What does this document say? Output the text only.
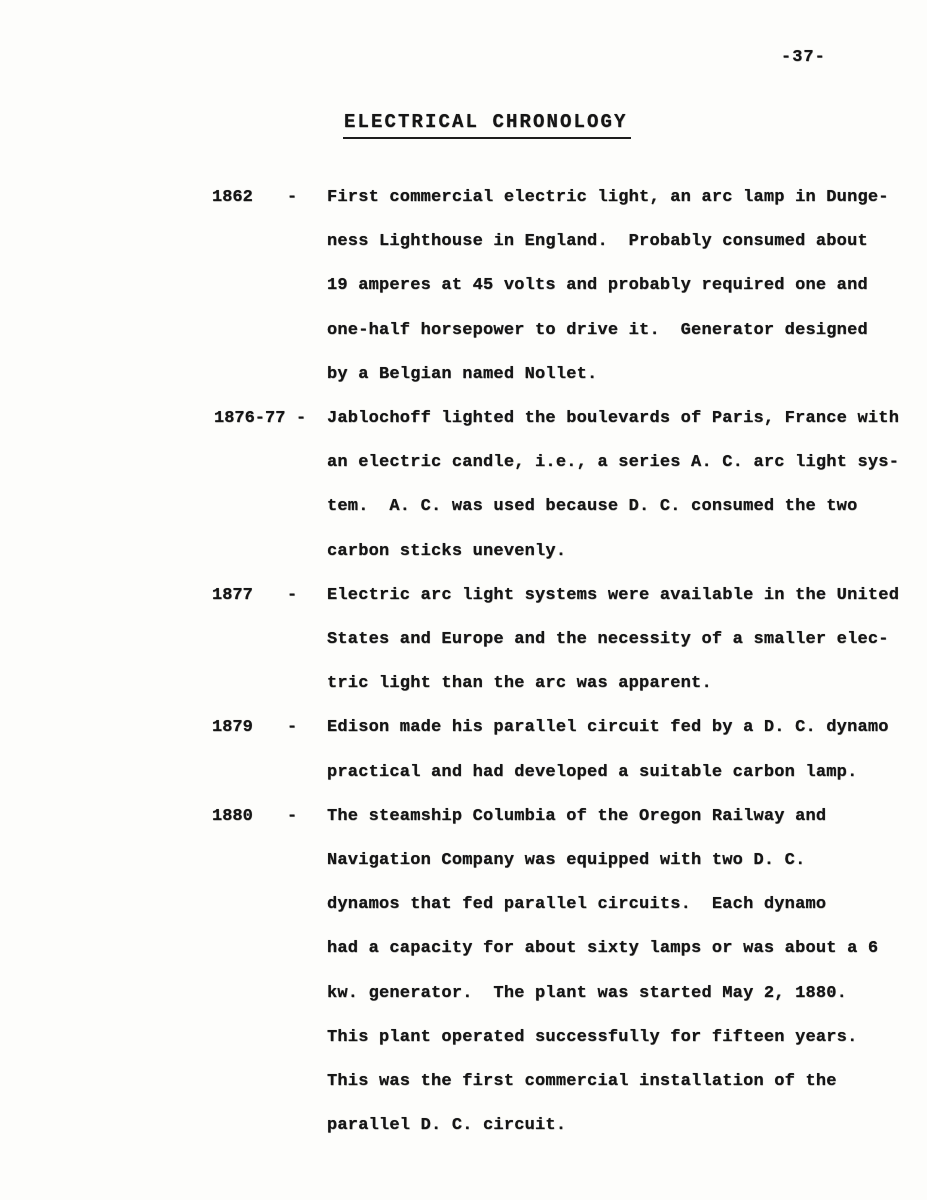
-37-
ELECTRICAL CHRONOLOGY
1862 - First commercial electric light, an arc lamp in Dunge-
ness Lighthouse in England.  Probably consumed about
19 amperes at 45 volts and probably required one and
one-half horsepower to drive it.  Generator designed
by a Belgian named Nollet.
1876-77 - Jablochoff lighted the boulevards of Paris, France with
an electric candle, i.e., a series A. C. arc light sys-
tem.  A. C. was used because D. C. consumed the two
carbon sticks unevenly.
1877 - Electric arc light systems were available in the United
States and Europe and the necessity of a smaller elec-
tric light than the arc was apparent.
1879 - Edison made his parallel circuit fed by a D. C. dynamo
practical and had developed a suitable carbon lamp.
1880 - The steamship Columbia of the Oregon Railway and
Navigation Company was equipped with two D. C.
dynamos that fed parallel circuits.  Each dynamo
had a capacity for about sixty lamps or was about a 6
kw. generator.  The plant was started May 2, 1880.
This plant operated successfully for fifteen years.
This was the first commercial installation of the
parallel D. C. circuit.
